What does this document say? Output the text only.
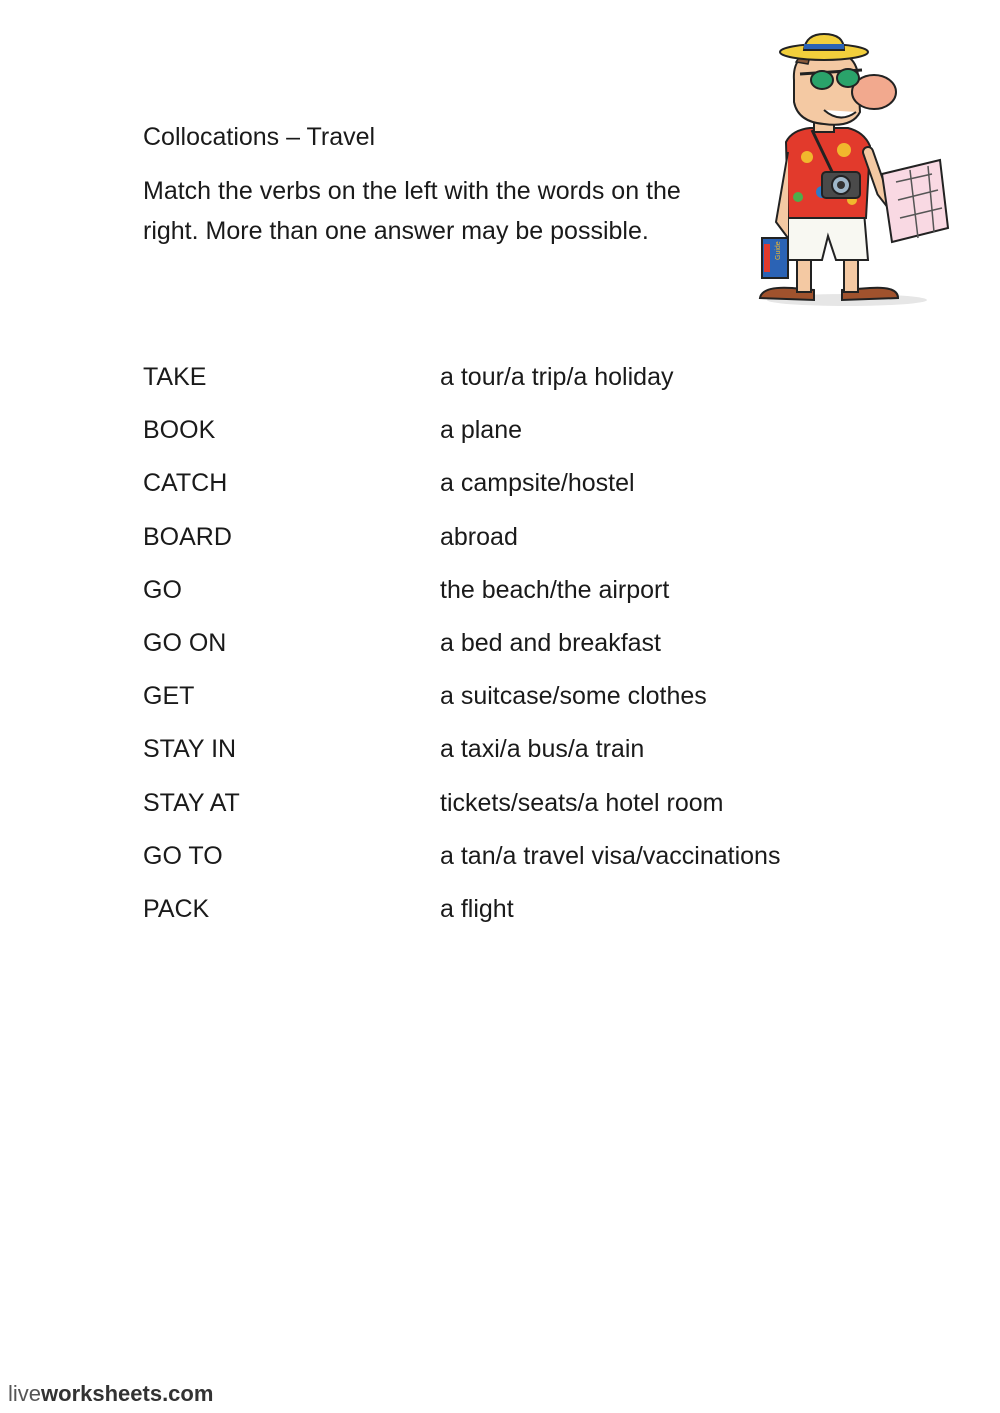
Collocations – Travel
Match the verbs on the left with the words on the right. More than one answer may be possible.
TAKE	a tour/a trip/a holiday
BOOK	a plane
CATCH	a campsite/hostel
BOARD	abroad
GO	the beach/the airport
GO ON	a bed and breakfast
GET	a suitcase/some clothes
STAY IN	a taxi/a bus/a train
STAY AT	tickets/seats/a hotel room
GO TO	a tan/a travel visa/vaccinations
PACK	a flight
Guide
liveworksheets.com
